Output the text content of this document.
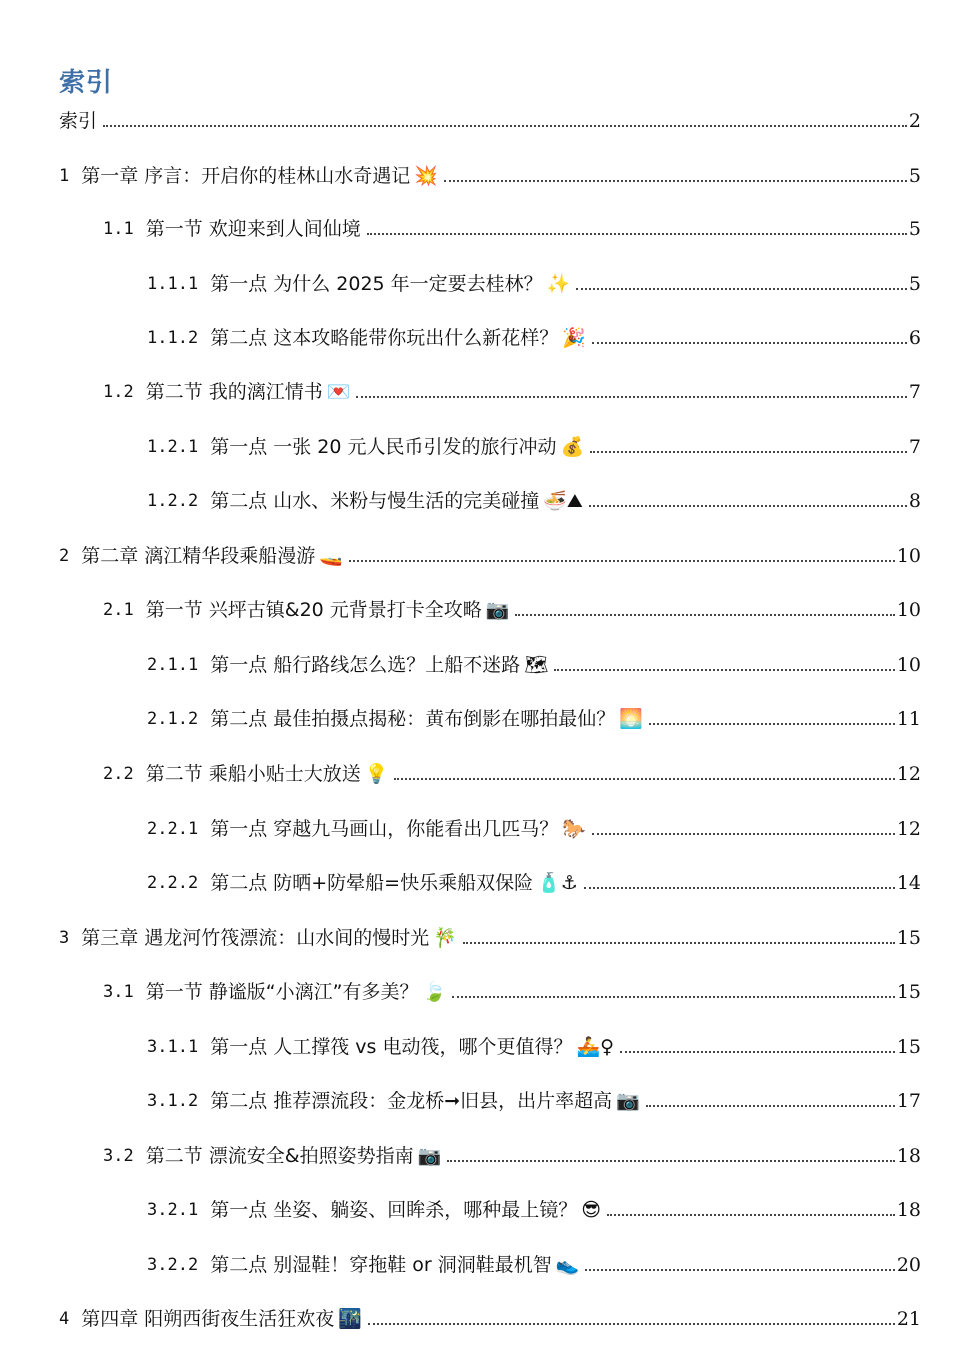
索引
索引	2
1 第一章 序言：开启你的桂林山水奇遇记 💥	5
1.1 第一节 欢迎来到人间仙境	5
1.1.1 第一点 为什么 2025 年一定要去桂林？ ✨	5
1.1.2 第二点 这本攻略能带你玩出什么新花样？ 🎉	6
1.2 第二节 我的漓江情书 💌	7
1.2.1 第一点 一张 20 元人民币引发的旅行冲动 💰	7
1.2.2 第二点 山水、米粉与慢生活的完美碰撞 🍜⛰	8
2 第二章 漓江精华段乘船漫游 🚤	10
2.1 第一节 兴坪古镇&20 元背景打卡全攻略 📷	10
2.1.1 第一点 船行路线怎么选？上船不迷路 🗺	10
2.1.2 第二点 最佳拍摄点揭秘：黄布倒影在哪拍最仙？ 🌅	11
2.2 第二节 乘船小贴士大放送 💡	12
2.2.1 第一点 穿越九马画山，你能看出几匹马？ 🐎	12
2.2.2 第二点 防晒+防晕船=快乐乘船双保险 🧴⚓	14
3 第三章 遇龙河竹筏漂流：山水间的慢时光 🎋	15
3.1 第一节 静谧版“小漓江”有多美？ 🍃	15
3.1.1 第一点 人工撑筏 vs 电动筏，哪个更值得？ 🚣♀	15
3.1.2 第二点 推荐漂流段：金龙桥➞旧县，出片率超高 📷	17
3.2 第二节 漂流安全&拍照姿势指南 📷	18
3.2.1 第一点 坐姿、躺姿、回眸杀，哪种最上镜？ 😎	18
3.2.2 第二点 别湿鞋！穿拖鞋 or 洞洞鞋最机智 👟	20
4 第四章 阳朔西街夜生活狂欢夜 🌃	21
